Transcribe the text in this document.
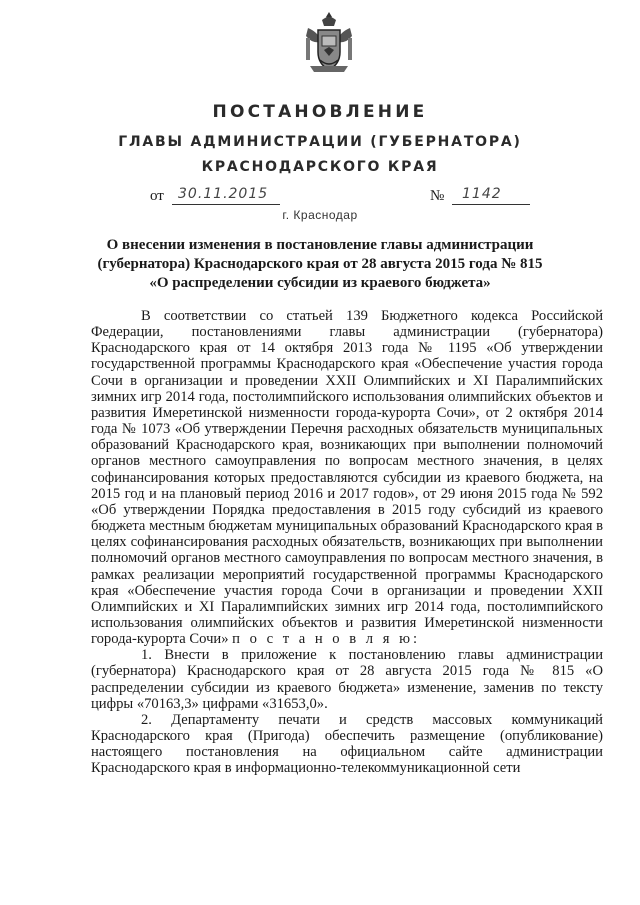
ПОСТАНОВЛЕНИЕ
ГЛАВЫ АДМИНИСТРАЦИИ (ГУБЕРНАТОРА)
КРАСНОДАРСКОГО КРАЯ
от 30.11.2015	№ 1142
г. Краснодар
О внесении изменения в постановление главы администрации
(губернатора) Краснодарского края от 28 августа 2015 года № 815
«О распределении субсидии из краевого бюджета»

В соответствии со статьей 139 Бюджетного кодекса Российской Федерации, постановлениями главы администрации (губернатора) Краснодарского края от 14 октября 2013 года № 1195 «Об утверждении государственной программы Краснодарского края «Обеспечение участия города Сочи в организации и проведении XXII Олимпийских и XI Паралимпийских зимних игр 2014 года, постолимпийского использования олимпийских объектов и развития Имеретинской низменности города-курорта Сочи», от 2 октября 2014 года № 1073 «Об утверждении Перечня расходных обязательств муниципальных образований Краснодарского края, возникающих при выполнении полномочий органов местного самоуправления по вопросам местного значения, в целях софинансирования которых предоставляются субсидии из краевого бюджета, на 2015 год и на плановый период 2016 и 2017 годов», от 29 июня 2015 года № 592 «Об утверждении Порядка предоставления в 2015 году субсидий из краевого бюджета местным бюджетам муниципальных образований Краснодарского края в целях софинансирования расходных обязательств, возникающих при выполнении полномочий органов местного самоуправления по вопросам местного значения, в рамках реализации мероприятий государственной программы Краснодарского края «Обеспечение участия города Сочи в организации и проведении XXII Олимпийских и XI Паралимпийских зимних игр 2014 года, постолимпийского использования олимпийских объектов и развития Имеретинской низменности города-курорта Сочи» п о с т а н о в л я ю:

1. Внести в приложение к постановлению главы администрации (губернатора) Краснодарского края от 28 августа 2015 года № 815 «О распределении субсидии из краевого бюджета» изменение, заменив по тексту цифры «70163,3» цифрами «31653,0».

2. Департаменту печати и средств массовых коммуникаций Краснодарского края (Пригода) обеспечить размещение (опубликование) настоящего постановления на официальном сайте администрации Краснодарского края в информационно-телекоммуникационной сети
